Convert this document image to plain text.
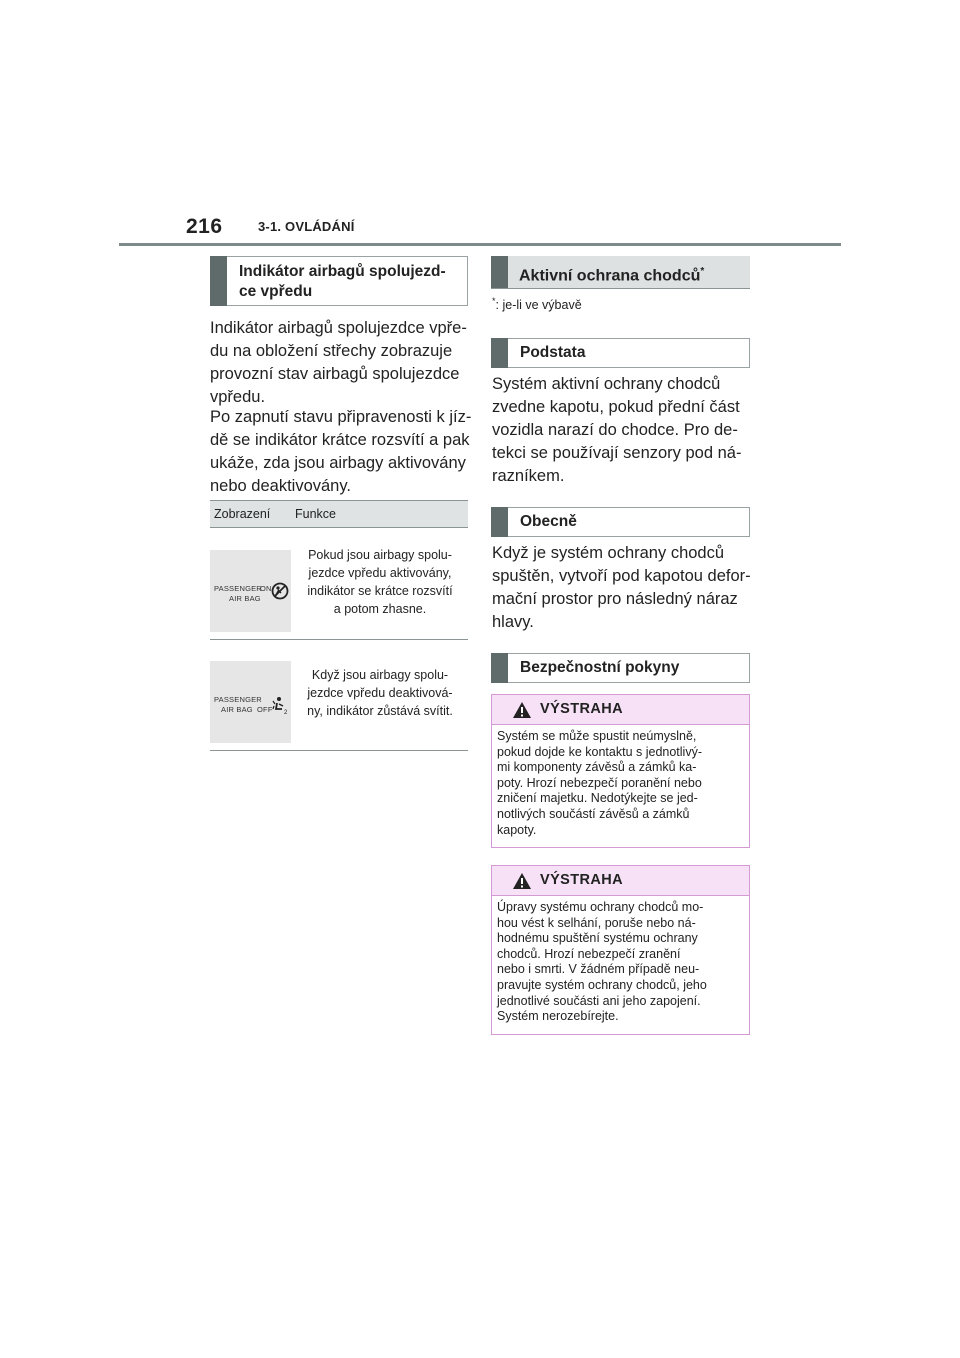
216	3-1. OVLÁDÁNÍ
Indikátor airbagů spolujezd-
ce vpředu
Indikátor airbagů spolujezdce vpře-
du na obložení střechy zobrazuje
provozní stav airbagů spolujezdce
vpředu.
Po zapnutí stavu připravenosti k jíz-
dě se indikátor krátce rozsvítí a pak
ukáže, zda jsou airbagy aktivovány
nebo deaktivovány.
Zobrazení Funkce
PASSENGER
ON
AIR BAG
Pokud jsou airbagy spolu-
jezdce vpředu aktivovány,
indikátor se krátce rozsvítí
a potom zhasne.
PASSENGER
AIR BAG OFF 2
Když jsou airbagy spolu-
jezdce vpředu deaktivová-
ny, indikátor zůstává svítit.
Aktivní ochrana chodců*
*: je-li ve výbavě
Podstata
Systém aktivní ochrany chodců
zvedne kapotu, pokud přední část
vozidla narazí do chodce. Pro de-
tekci se používají senzory pod ná-
razníkem.
Obecně
Když je systém ochrany chodců
spuštěn, vytvoří pod kapotou defor-
mační prostor pro následný náraz
hlavy.
Bezpečnostní pokyny
VÝSTRAHA
Systém se může spustit neúmyslně,
pokud dojde ke kontaktu s jednotlivý-
mi komponenty závěsů a zámků ka-
poty. Hrozí nebezpečí poranění nebo
zničení majetku. Nedotýkejte se jed-
notlivých součástí závěsů a zámků
kapoty.
VÝSTRAHA
Úpravy systému ochrany chodců mo-
hou vést k selhání, poruše nebo ná-
hodnému spuštění systému ochrany
chodců. Hrozí nebezpečí zranění
nebo i smrti. V žádném případě neu-
pravujte systém ochrany chodců, jeho
jednotlivé součásti ani jeho zapojení.
Systém nerozebírejte.
